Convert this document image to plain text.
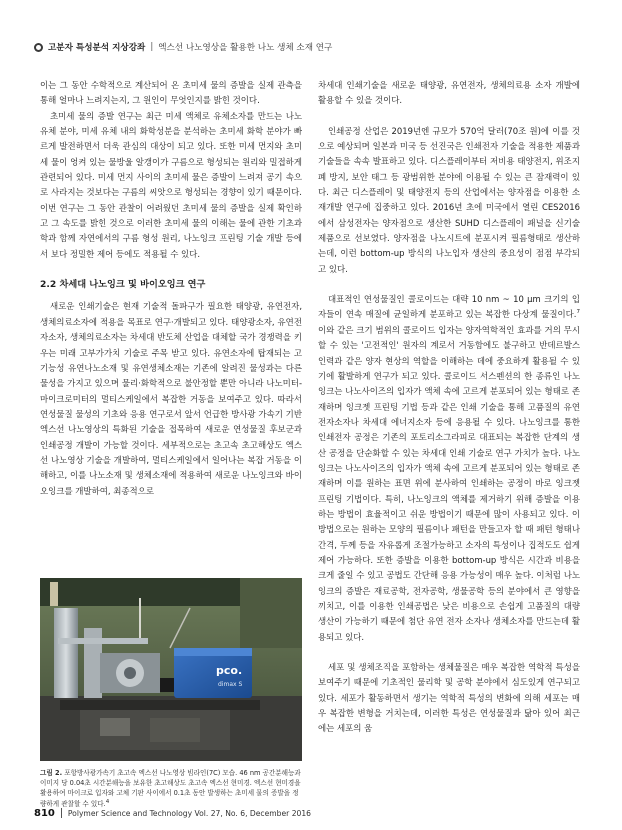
고분자 특성분석 지상강좌 | 엑스선 나노영상을 활용한 나노 생체 소재 연구

이는 그 동안 수학적으로 계산되어 온 초미세 물의 증발을 실제 관측을 통해 얼마나 느려지는지, 그 원인이 무엇인지를 밝힌 것이다.

초미세 물의 증발 연구는 최근 미세 액체로 유체소자를 만드는 나노유체 분야, 미세 유체 내의 화학성분을 분석하는 초미세 화학 분야가 빠르게 발전하면서 더욱 관심의 대상이 되고 있다. 또한 미세 먼지와 초미세 물이 엉켜 있는 물방울 알갱이가 구름으로 형성되는 원리와 밀접하게 관련되어 있다. 미세 먼지 사이의 초미세 물은 증발이 느려져 공기 속으로 사라지는 것보다는 구름의 씨앗으로 형성되는 경향이 있기 때문이다. 이번 연구는 그 동안 관찰이 어려웠던 초미세 물의 증발을 실제 확인하고 그 속도를 밝힌 것으로 이러한 초미세 물의 이해는 물에 관한 기초과학과 함께 자연에서의 구름 형성 원리, 나노잉크 프린팅 기술 개발 등에서 보다 정밀한 제어 등에도 적용될 수 있다.

2.2 차세대 나노잉크 및 바이오잉크 연구

새로운 인쇄기술은 현재 기술적 돌파구가 필요한 태양광, 유연전자, 생체의료소자에 적용을 목표로 연구·개발되고 있다. 태양광소자, 유연전자소자, 생체의료소자는 차세대 반도체 산업을 대체할 국가 경쟁력을 키우는 미래 고부가가치 기술로 주목 받고 있다. 유연소자에 탑재되는 고기능성 유연나노소재 및 유연생체소재는 기존에 알려진 물성과는 다른 물성을 가지고 있으며 물리·화학적으로 불안정할 뿐만 아니라 나노미터-마이크로미터의 멀티스케일에서 복잡한 거동을 보여주고 있다. 따라서 연성물질 물성의 기초와 응용 연구로서 앞서 언급한 방사광 가속기 기반 엑스선 나노영상의 특화된 기술을 접목하여 새로운 연성물질 후보군과 인쇄공정 개발이 가능할 것이다. 세부적으로는 초고속 초고해상도 엑스선 나노영상 기술을 개발하여, 멀티스케일에서 일어나는 복잡 거동을 이해하고, 이를 나노소재 및 생체소재에 적용하여 새로운 나노잉크와 바이오잉크를 개발하여, 최종적으로

pco.
dimax S
그림 2. 포항방사광가속기 초고속 엑스선 나노영상 빔라인(7C) 모습. 46 nm 공간분해능과 이미지 당 0.04초 시간분해능을 보유한 초고해상도 초고속 엑스선 현미경. 엑스선 현미경을 활용하여 마이크로 입자와 고체 기판 사이에서 0.1초 동안 발생하는 초미세 물의 증발을 정량하게 관찰할 수 있다.$^4$

차세대 인쇄기술을 새로운 태양광, 유연전자, 생체의료용 소자 개발에 활용할 수 있을 것이다.

인쇄공정 산업은 2019년엔 규모가 570억 달러(70조 원)에 이를 것으로 예상되며 일본과 미국 등 선진국은 인쇄전자 기술을 적용한 제품과 기술들을 속속 발표하고 있다. 디스플레이부터 저비용 태양전지, 위조지폐 방지, 보안 태그 등 광범위한 분야에 이용될 수 있는 큰 잠재력이 있다. 최근 디스플레이 및 태양전지 등의 산업에서는 양자점을 이용한 소재개발 연구에 집중하고 있다. 2016년 초에 미국에서 열린 CES2016에서 삼성전자는 양자점으로 생산한 SUHD 디스플레이 패널을 신기술제품으로 선보였다. 양자점을 나노시트에 분포시켜 필름형태로 생산하는데, 이런 bottom-up 방식의 나노입자 생산의 중요성이 점점 부각되고 있다.

대표적인 연성물질인 콜로이드는 대략 10 nm ~ 10 μm 크기의 입자들이 연속 매질에 균일하게 분포하고 있는 복잡한 다상계 물질이다.$^7$ 이와 같은 크기 범위의 콜로이드 입자는 양자역학적인 효과를 거의 무시할 수 있는 '고전적인' 원자의 계로서 거동함에도 불구하고 반데르발스 인력과 같은 양자 현상의 역할을 이해하는 데에 중요하게 활용될 수 있기에 활발하게 연구가 되고 있다. 콜로이드 서스펜션의 한 종류인 나노잉크는 나노사이즈의 입자가 액체 속에 고르게 분포되어 있는 형태로 존재하며 잉크젯 프린팅 기법 등과 같은 인쇄 기술을 통해 고품질의 유연전자소자나 차세대 에너지소자 등에 응용될 수 있다. 나노잉크를 통한 인쇄전자 공정은 기존의 포토리소그라피로 대표되는 복잡한 단계의 생산 공정을 단순화할 수 있는 차세대 인쇄 기술로 연구 가치가 높다. 나노잉크는 나노사이즈의 입자가 액체 속에 고르게 분포되어 있는 형태로 존재하며 이를 원하는 표면 위에 분사하여 인쇄하는 공정이 바로 잉크젯 프린팅 기법이다. 특히, 나노잉크의 액체를 제거하기 위해 증발을 이용하는 방법이 효율적이고 쉬운 방법이기 때문에 많이 사용되고 있다. 이 방법으로는 원하는 모양의 필름이나 패턴을 만들고자 할 때 패턴 형태나 간격, 두께 등을 자유롭게 조절가능하고 소자의 특성이나 집적도도 쉽게 제어 가능하다. 또한 증발을 이용한 bottom-up 방식은 시간과 비용을 크게 줄일 수 있고 공법도 간단해 응용 가능성이 매우 높다. 이처럼 나노잉크의 증발은 재료공학, 전자공학, 생물공학 등의 분야에서 큰 영향을 끼치고, 이를 이용한 인쇄공법은 낮은 비용으로 손쉽게 고품질의 대량 생산이 가능하기 때문에 첨단 유연 전자 소자나 생체소자를 만드는데 활용되고 있다.

세포 및 생체조직을 포함하는 생체물질은 매우 복잡한 역학적 특성을 보여주기 때문에 기초적인 물리학 및 공학 분야에서 심도있게 연구되고 있다. 세포가 활동하면서 생기는 역학적 특성의 변화에 의해 세포는 매우 복잡한 변형을 거치는데, 이러한 특성은 연성물질과 닮아 있어 최근에는 세포의 움

810 Polymer Science and Technology Vol. 27, No. 6, December 2016
